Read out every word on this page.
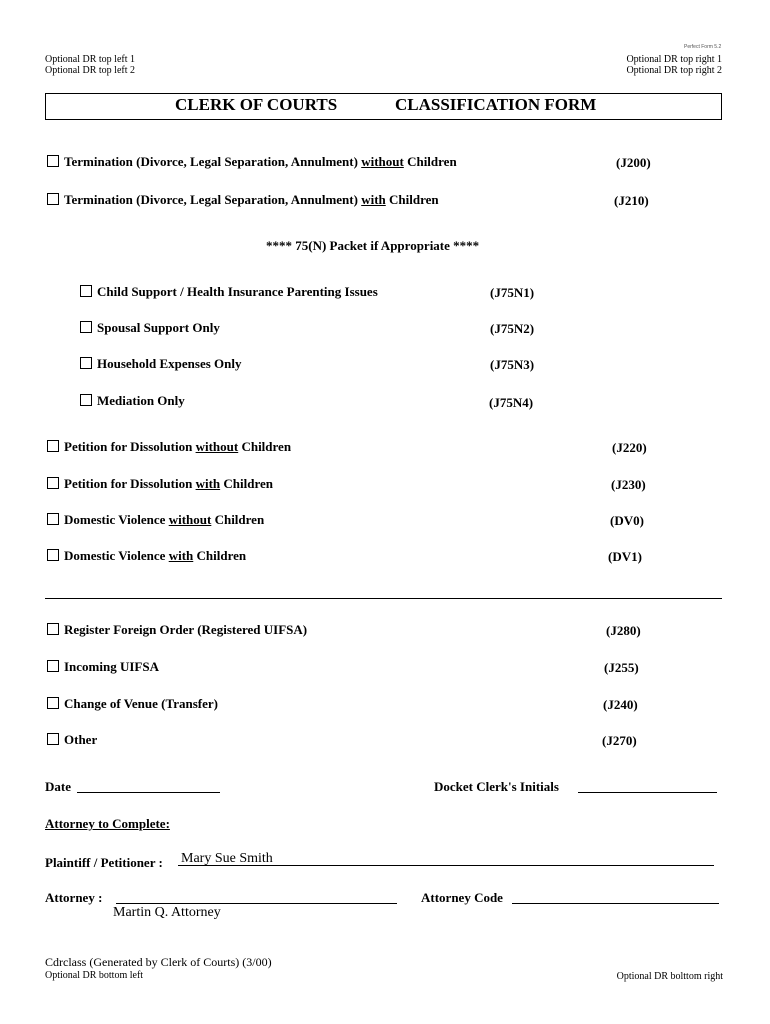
Perfect Form 5.2
Optional DR top left 1
Optional DR top left 2
Optional DR top right 1
Optional DR top right 2
CLERK OF COURTS	CLASSIFICATION FORM
Termination (Divorce, Legal Separation, Annulment) without Children	(J200)
Termination (Divorce, Legal Separation, Annulment) with Children	(J210)
**** 75(N) Packet if Appropriate ****
Child Support / Health Insurance Parenting Issues	(J75N1)
Spousal Support Only	(J75N2)
Household Expenses Only	(J75N3)
Mediation Only	(J75N4)
Petition for Dissolution without Children	(J220)
Petition for Dissolution with Children	(J230)
Domestic Violence without Children	(DV0)
Domestic Violence with Children	(DV1)
Register Foreign Order (Registered UIFSA)	(J280)
Incoming UIFSA	(J255)
Change of Venue (Transfer)	(J240)
Other	(J270)
Date	Docket Clerk's Initials
Attorney to Complete:
Plaintiff / Petitioner : Mary Sue Smith
Attorney :
Martin Q. Attorney
Attorney Code
Cdrclass (Generated by Clerk of Courts) (3/00)
Optional DR bottom left	Optional DR bolttom right
